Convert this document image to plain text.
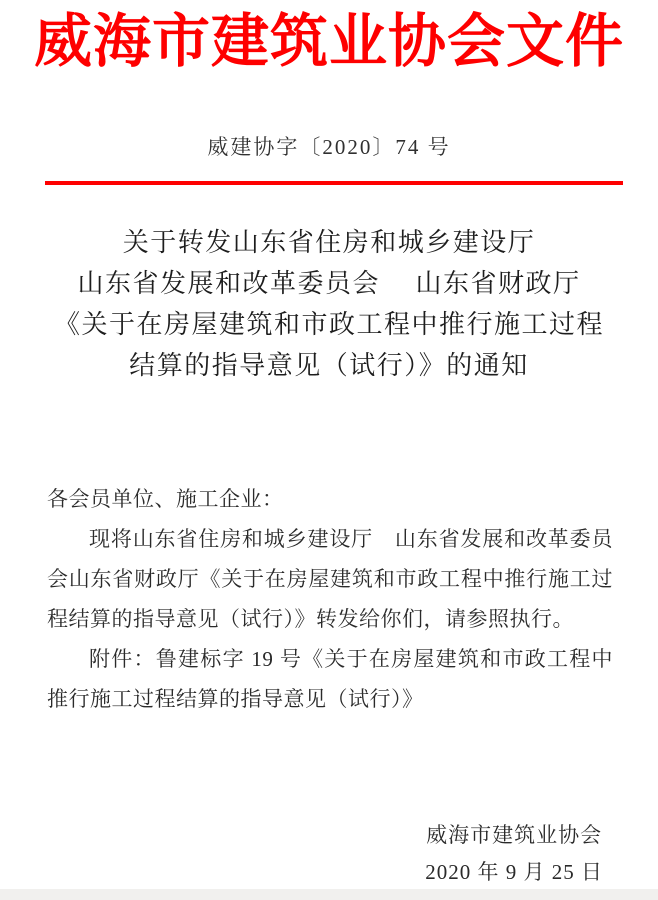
威海市建筑业协会文件
威建协字〔2020〕74 号
关于转发山东省住房和城乡建设厅
山东省发展和改革委员会　 山东省财政厅
《关于在房屋建筑和市政工程中推行施工过程
结算的指导意见（试行）》的通知

各会员单位、施工企业：

现将山东省住房和城乡建设厅　山东省发展和改革委员会山东省财政厅《关于在房屋建筑和市政工程中推行施工过程结算的指导意见（试行）》转发给你们，请参照执行。

附件：鲁建标字 19 号《关于在房屋建筑和市政工程中推行施工过程结算的指导意见（试行）》

威海市建筑业协会
2020 年 9 月 25 日
